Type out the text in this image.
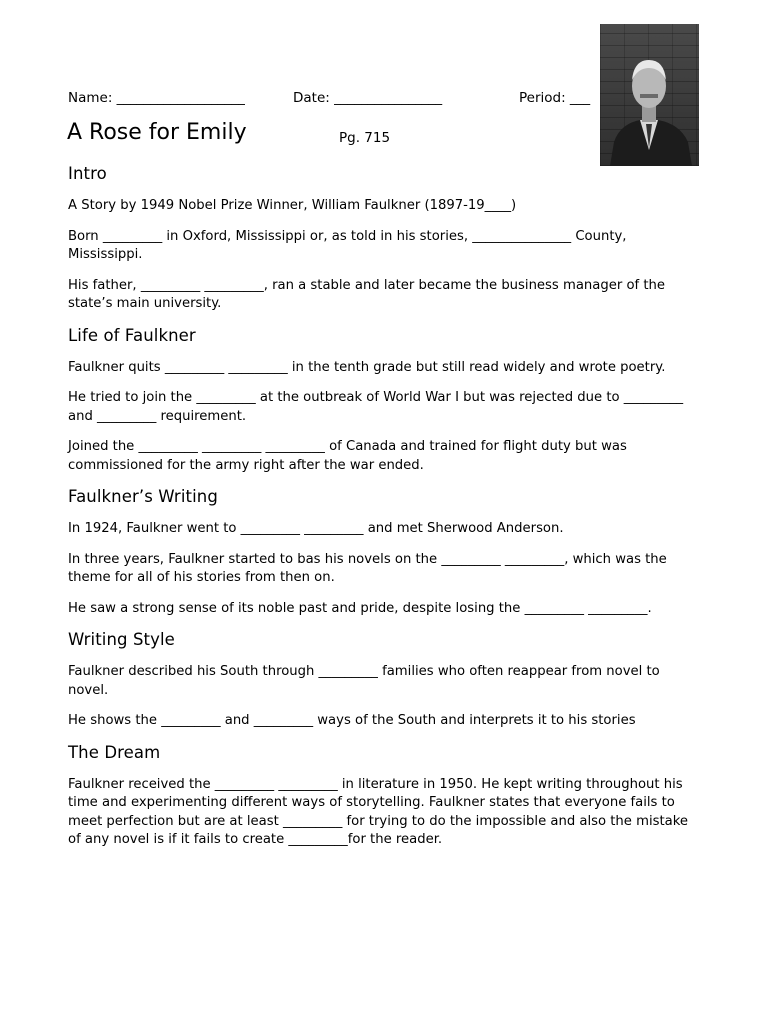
Name: ___________________	Date: ________________	Period: ___
A Rose for Emily	Pg. 715
Intro

A Story by 1949 Nobel Prize Winner, William Faulkner (1897-19____)

Born _________ in Oxford, Mississippi or, as told in his stories, _______________ County, Mississippi.

His father, _________ _________, ran a stable and later became the business manager of the state’s main university.

Life of Faulkner

Faulkner quits _________ _________ in the tenth grade but still read widely and wrote poetry.

He tried to join the _________ at the outbreak of World War I but was rejected due to _________ and _________ requirement.

Joined the _________ _________ _________ of Canada and trained for flight duty but was commissioned for the army right after the war ended.

Faulkner’s Writing

In 1924, Faulkner went to _________ _________ and met Sherwood Anderson.

In three years, Faulkner started to bas his novels on the _________ _________, which was the theme for all of his stories from then on.

He saw a strong sense of its noble past and pride, despite losing the _________ _________.

Writing Style

Faulkner described his South through _________ families who often reappear from novel to novel.

He shows the _________ and _________ ways of the South and interprets it to his stories

The Dream

Faulkner received the _________ _________ in literature in 1950. He kept writing throughout his time and experimenting different ways of storytelling. Faulkner states that everyone fails to meet perfection but are at least _________ for trying to do the impossible and also the mistake of any novel is if it fails to create _________for the reader.
